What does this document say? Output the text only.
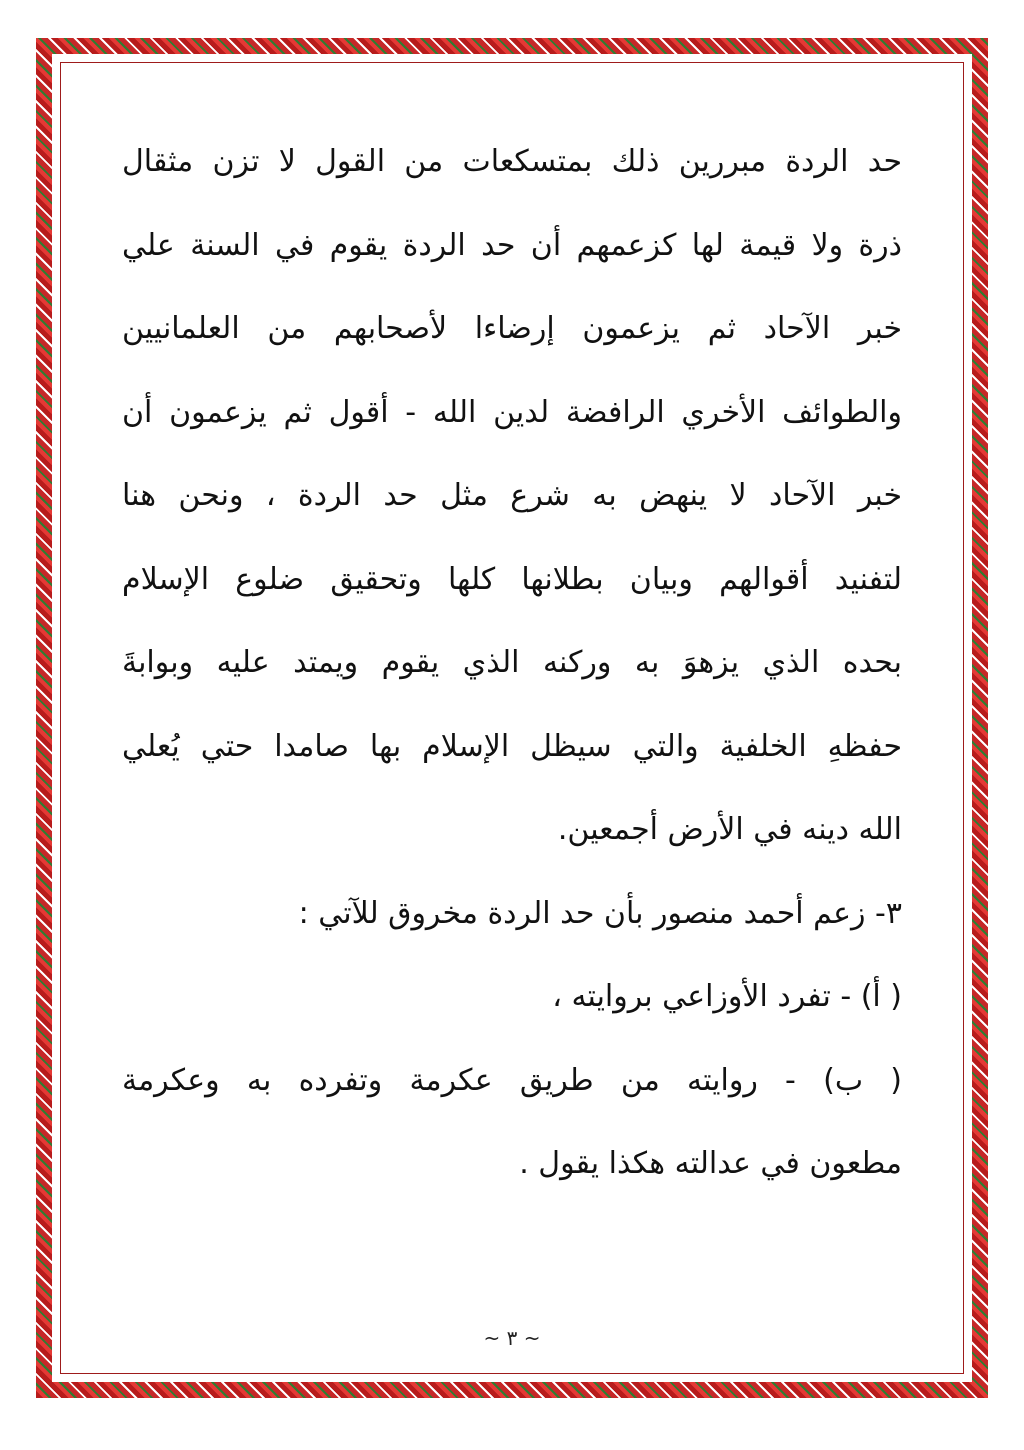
حد الردة مبررين ذلك بمتسكعات من القول لا تزن مثقال
ذرة ولا قيمة لها كزعمهم أن حد الردة يقوم في السنة علي
خبر الآحاد ثم يزعمون إرضاءا لأصحابهم من العلمانيين
والطوائف الأخري الرافضة لدين الله - أقول ثم يزعمون أن
خبر الآحاد لا ينهض به شرع مثل حد الردة ، ونحن هنا
لتفنيد أقوالهم وبيان بطلانها كلها وتحقيق ضلوع الإسلام
بحده الذي يزهوَ به وركنه الذي يقوم ويمتد عليه وبوابةَ
حفظهِ الخلفية والتي سيظل الإسلام بها صامدا حتي يُعلي
الله دينه في الأرض أجمعين.
٣- زعم أحمد منصور بأن حد الردة مخروق للآتي :
( أ) - تفرد الأوزاعي بروايته ،
( ب) - روايته من طريق عكرمة وتفرده به وعكرمة
مطعون في عدالته هكذا يقول .
~ ٣ ~
